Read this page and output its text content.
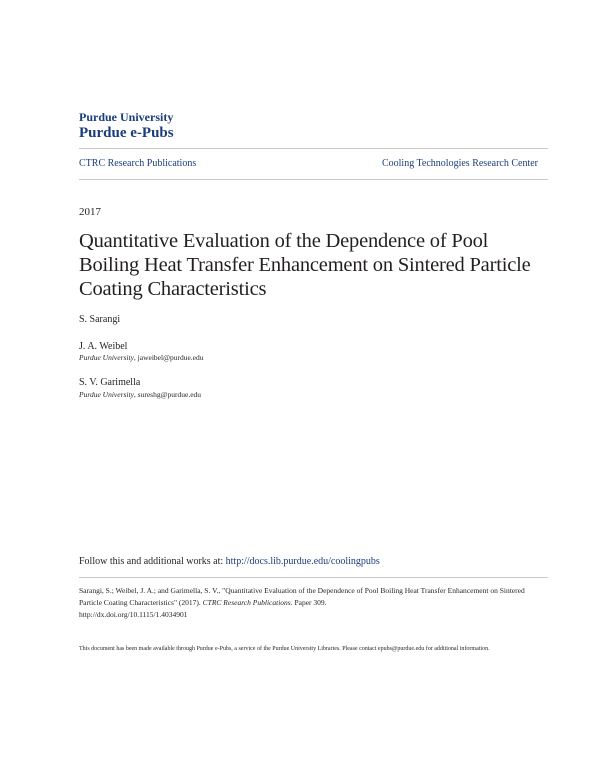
Purdue University
Purdue e-Pubs
CTRC Research Publications	Cooling Technologies Research Center
2017
Quantitative Evaluation of the Dependence of Pool Boiling Heat Transfer Enhancement on Sintered Particle Coating Characteristics
S. Sarangi
J. A. Weibel
Purdue University, jaweibel@purdue.edu
S. V. Garimella
Purdue University, sureshg@purdue.edu
Follow this and additional works at: http://docs.lib.purdue.edu/coolingpubs
Sarangi, S.; Weibel, J. A.; and Garimella, S. V., "Quantitative Evaluation of the Dependence of Pool Boiling Heat Transfer Enhancement on Sintered Particle Coating Characteristics" (2017). CTRC Research Publications. Paper 309.
http://dx.doi.org/10.1115/1.4034901
This document has been made available through Purdue e-Pubs, a service of the Purdue University Libraries. Please contact epubs@purdue.edu for additional information.
